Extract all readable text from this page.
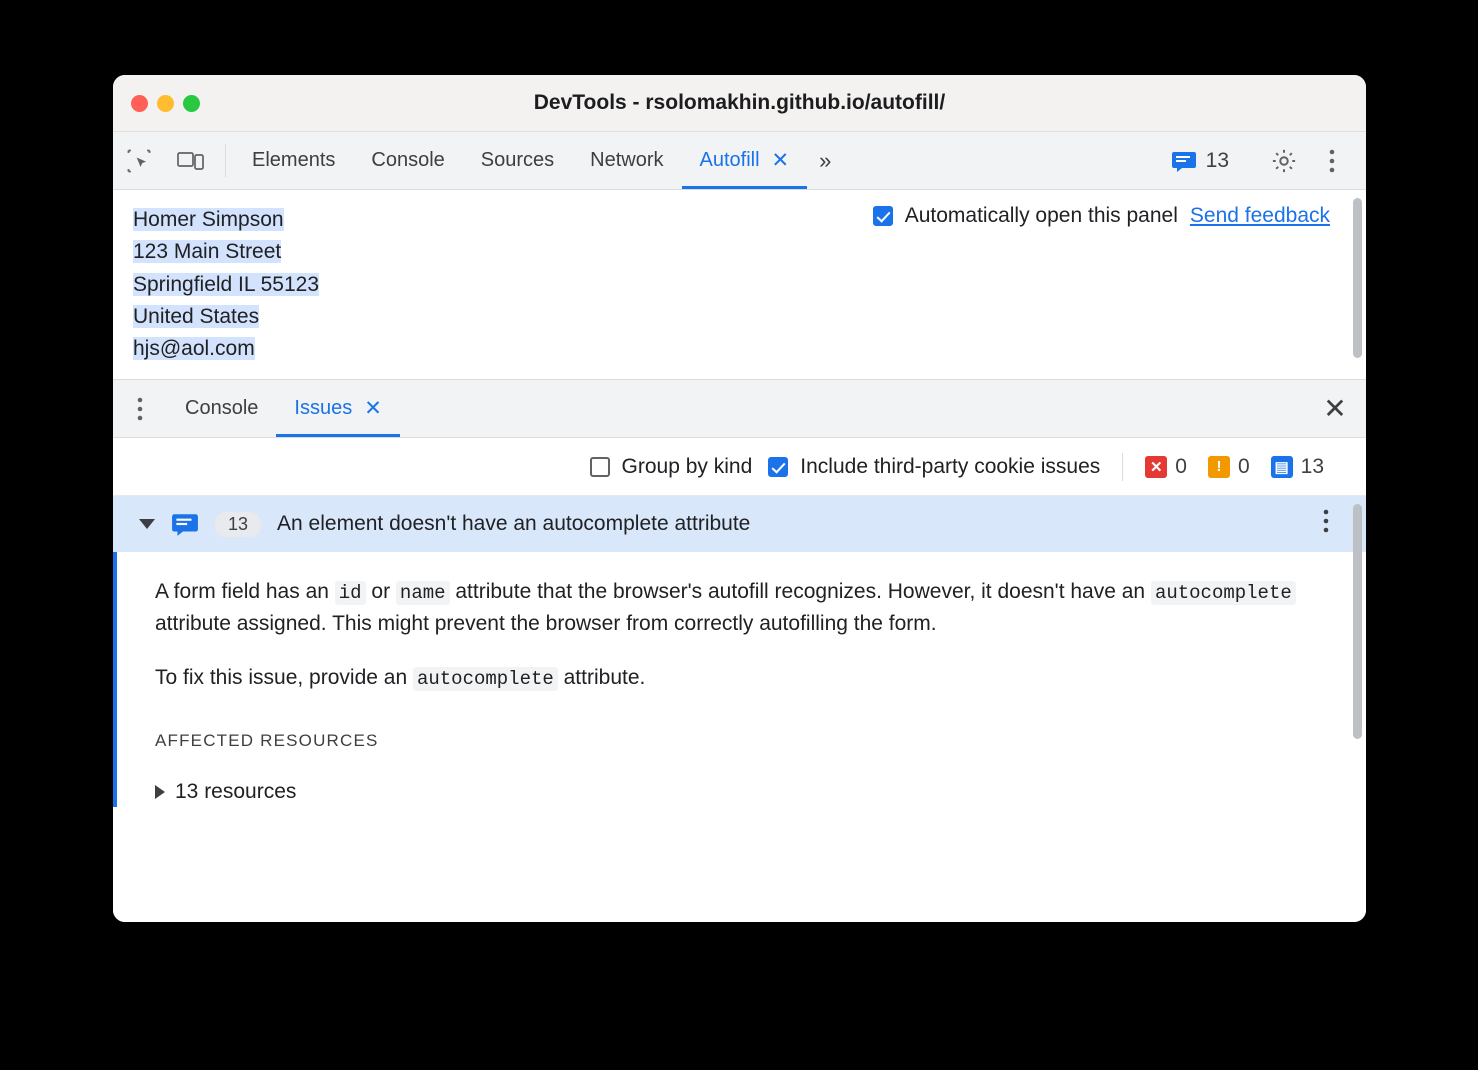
DevTools - rsolomakhin.github.io/autofill/
Elements Console Sources Network Autofill ✕	»	13
Homer Simpson
123 Main Street
Springfield IL 55123
United States
hjs@aol.com
Automatically open this panel Send feedback
Console Issues ✕	✕
Group by kind Include third-party cookie issues	✕ 0	! 0 ▤ 13
13	An element doesn't have an autocomplete attribute

A form field has an id or name attribute that the browser's autofill recognizes. However, it doesn't have an autocomplete attribute assigned. This might prevent the browser from correctly autofilling the form.

To fix this issue, provide an autocomplete attribute.

AFFECTED RESOURCES
13 resources
